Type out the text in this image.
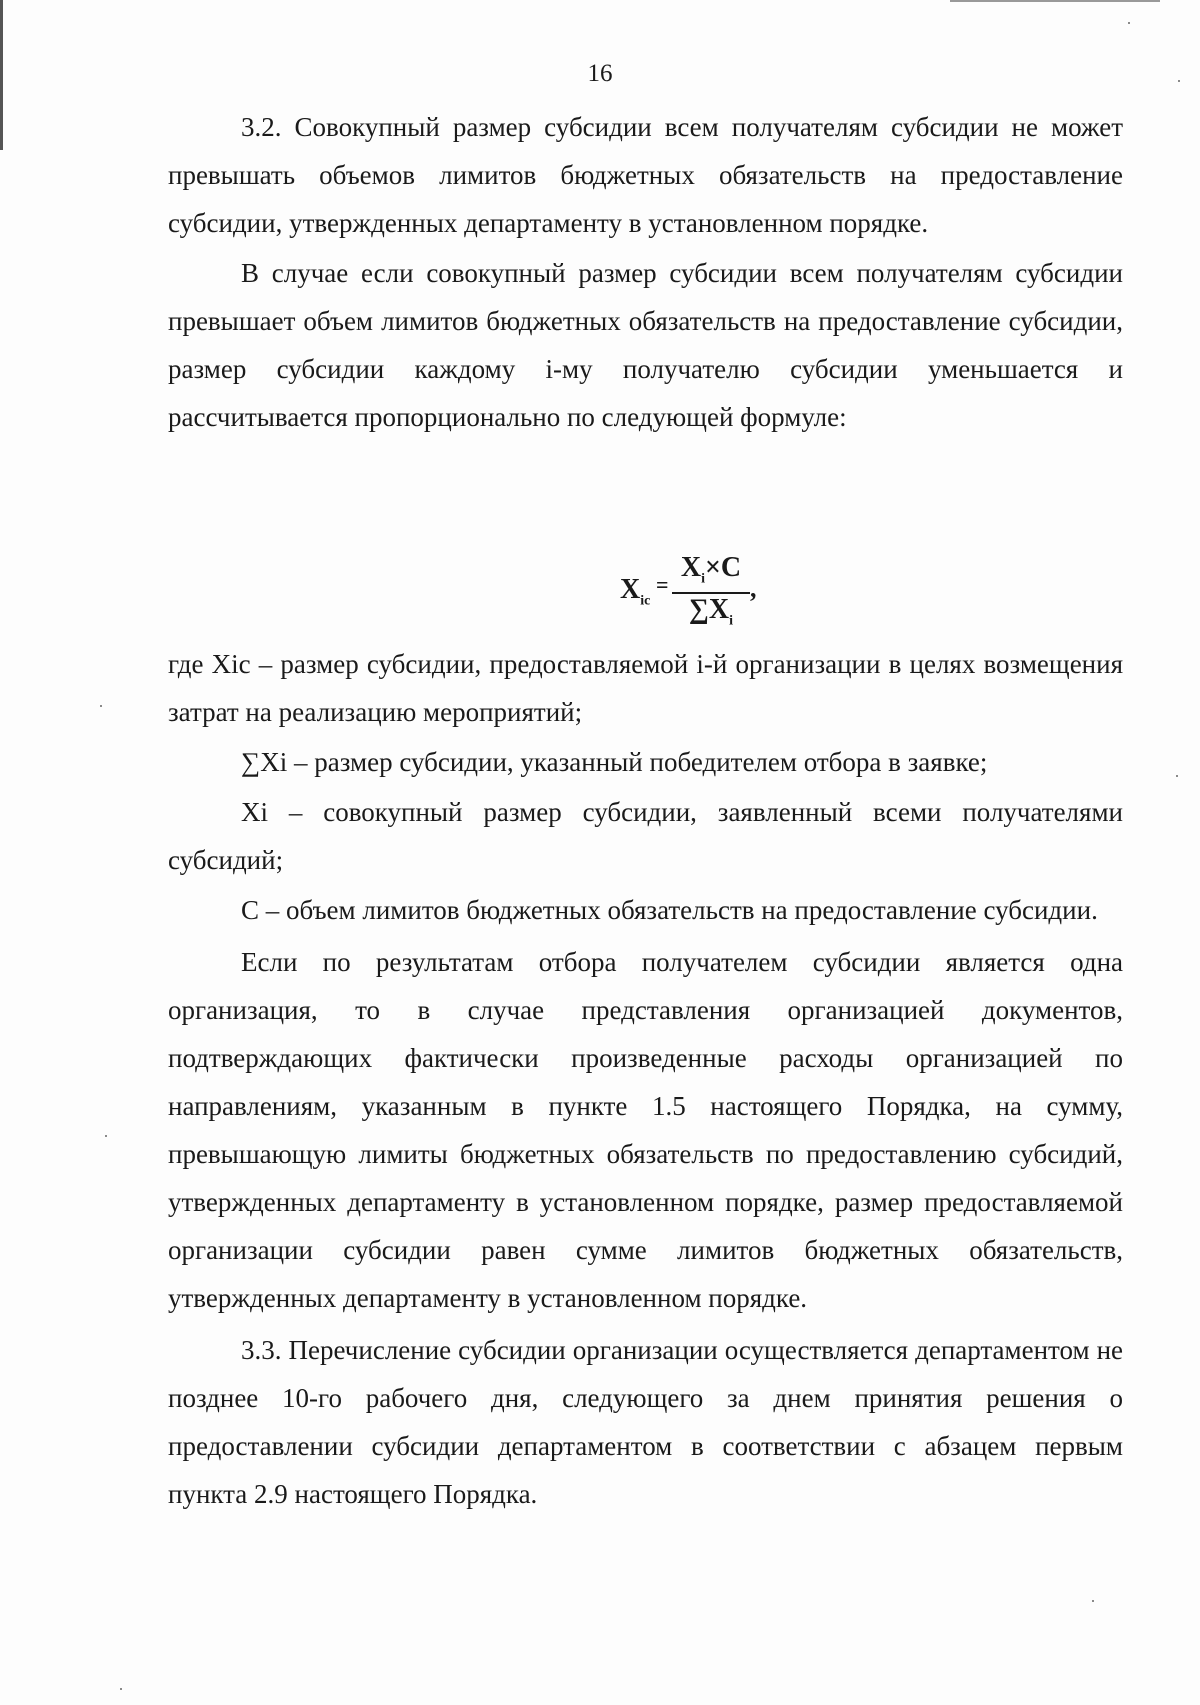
16

3.2. Совокупный размер субсидии всем получателям субсидии не может превышать объемов лимитов бюджетных обязательств на предоставление субсидии, утвержденных департаменту в установленном порядке.

В случае если совокупный размер субсидии всем получателям субсидии превышает объем лимитов бюджетных обязательств на предоставление субсидии, размер субсидии каждому i-му получателю субсидии уменьшается и рассчитывается пропорционально по следующей формуле:

$X_{ic}$
=
$X_i\times C$
$\sum X_i$
,

где Xic – размер субсидии, предоставляемой i-й организации в целях возмещения затрат на реализацию мероприятий;

∑Xi – размер субсидии, указанный победителем отбора в заявке;

Xi – совокупный размер субсидии, заявленный всеми получателями субсидий;

C – объем лимитов бюджетных обязательств на предоставление субсидии.

Если по результатам отбора получателем субсидии является одна организация, то в случае представления организацией документов, подтверждающих фактически произведенные расходы организацией по направлениям, указанным в пункте 1.5 настоящего Порядка, на сумму, превышающую лимиты бюджетных обязательств по предоставлению субсидий, утвержденных департаменту в установленном порядке, размер предоставляемой организации субсидии равен сумме лимитов бюджетных обязательств, утвержденных департаменту в установленном порядке.

3.3. Перечисление субсидии организации осуществляется департаментом не позднее 10-го рабочего дня, следующего за днем принятия решения о предоставлении субсидии департаментом в соответствии с абзацем первым пункта 2.9 настоящего Порядка.
